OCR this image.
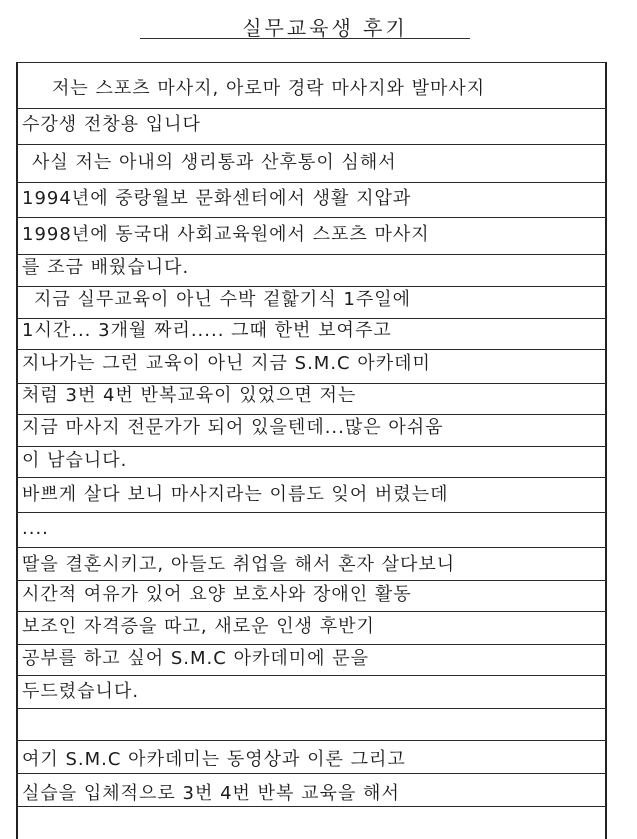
실무교육생 후기
저는 스포츠 마사지, 아로마 경락 마사지와 발마사지
수강생 전창용 입니다
사실 저는 아내의 생리통과 산후통이 심해서
1994년에 중랑월보 문화센터에서 생활 지압과
1998년에 동국대 사회교육원에서 스포츠 마사지
를 조금 배웠습니다.
지금 실무교육이 아닌 수박 겉핥기식 1주일에
1시간... 3개월 짜리..... 그때 한번 보여주고
지나가는 그런 교육이 아닌 지금 S.M.C 아카데미
처럼 3번 4번 반복교육이 있었으면 저는
지금 마사지 전문가가 되어 있을텐데...많은 아쉬움
이 남습니다.
바쁘게 살다 보니 마사지라는 이름도 잊어 버렸는데
....
딸을 결혼시키고, 아들도 취업을 해서 혼자 살다보니
시간적 여유가 있어 요양 보호사와 장애인 활동
보조인 자격증을 따고, 새로운 인생 후반기
공부를 하고 싶어 S.M.C 아카데미에 문을
두드렸습니다.
여기 S.M.C 아카데미는 동영상과 이론 그리고
실습을 입체적으로 3번 4번 반복 교육을 해서
